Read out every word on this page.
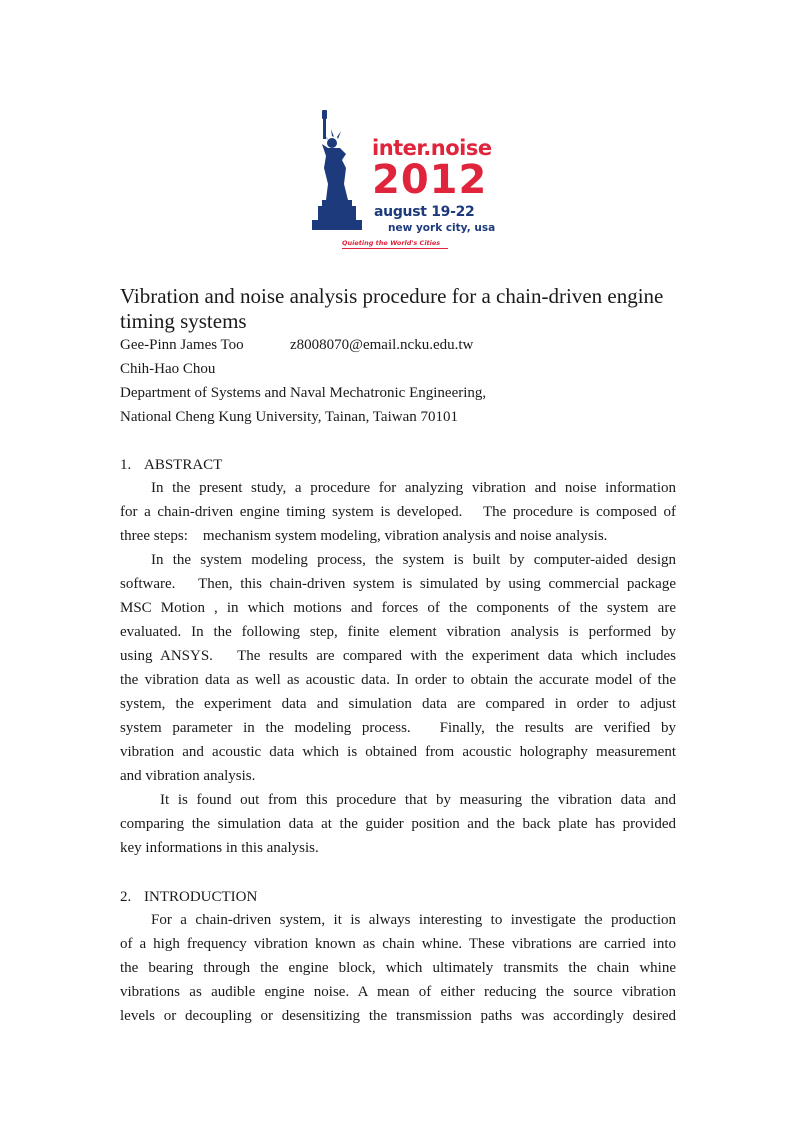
inter.noise
2012
august 19-22
new york city, usa
Quieting the World's Cities
Vibration and noise analysis procedure for a chain-driven engine timing systems

Gee-Pinn James Too	z8008070@email.ncku.edu.tw

Chih-Hao Chou

Department of Systems and Naval Mechatronic Engineering,

National Cheng Kung University, Tainan, Taiwan 70101

1. ABSTRACT
In the present study, a procedure for analyzing vibration and noise information
for a chain-driven engine timing system is developed.　The procedure is composed of
three steps:　mechanism system modeling, vibration analysis and noise analysis.
In the system modeling process, the system is built by computer-aided design
software.　Then, this chain-driven system is simulated by using commercial package
MSC Motion , in which motions and forces of the components of the system are
evaluated. In the following step, finite element vibration analysis is performed by
using ANSYS.　The results are compared with the experiment data which includes
the vibration data as well as acoustic data. In order to obtain the accurate model of the
system, the experiment data and simulation data are compared in order to adjust
system parameter in the modeling process.　Finally, the results are verified by
vibration and acoustic data which is obtained from acoustic holography measurement
and vibration analysis.
It is found out from this procedure that by measuring the vibration data and
comparing the simulation data at the guider position and the back plate has provided
key informations in this analysis.
2. INTRODUCTION
For a chain-driven system, it is always interesting to investigate the production
of a high frequency vibration known as chain whine. These vibrations are carried into
the bearing through the engine block, which ultimately transmits the chain whine
vibrations as audible engine noise. A mean of either reducing the source vibration
levels or decoupling or desensitizing the transmission paths was accordingly desired
